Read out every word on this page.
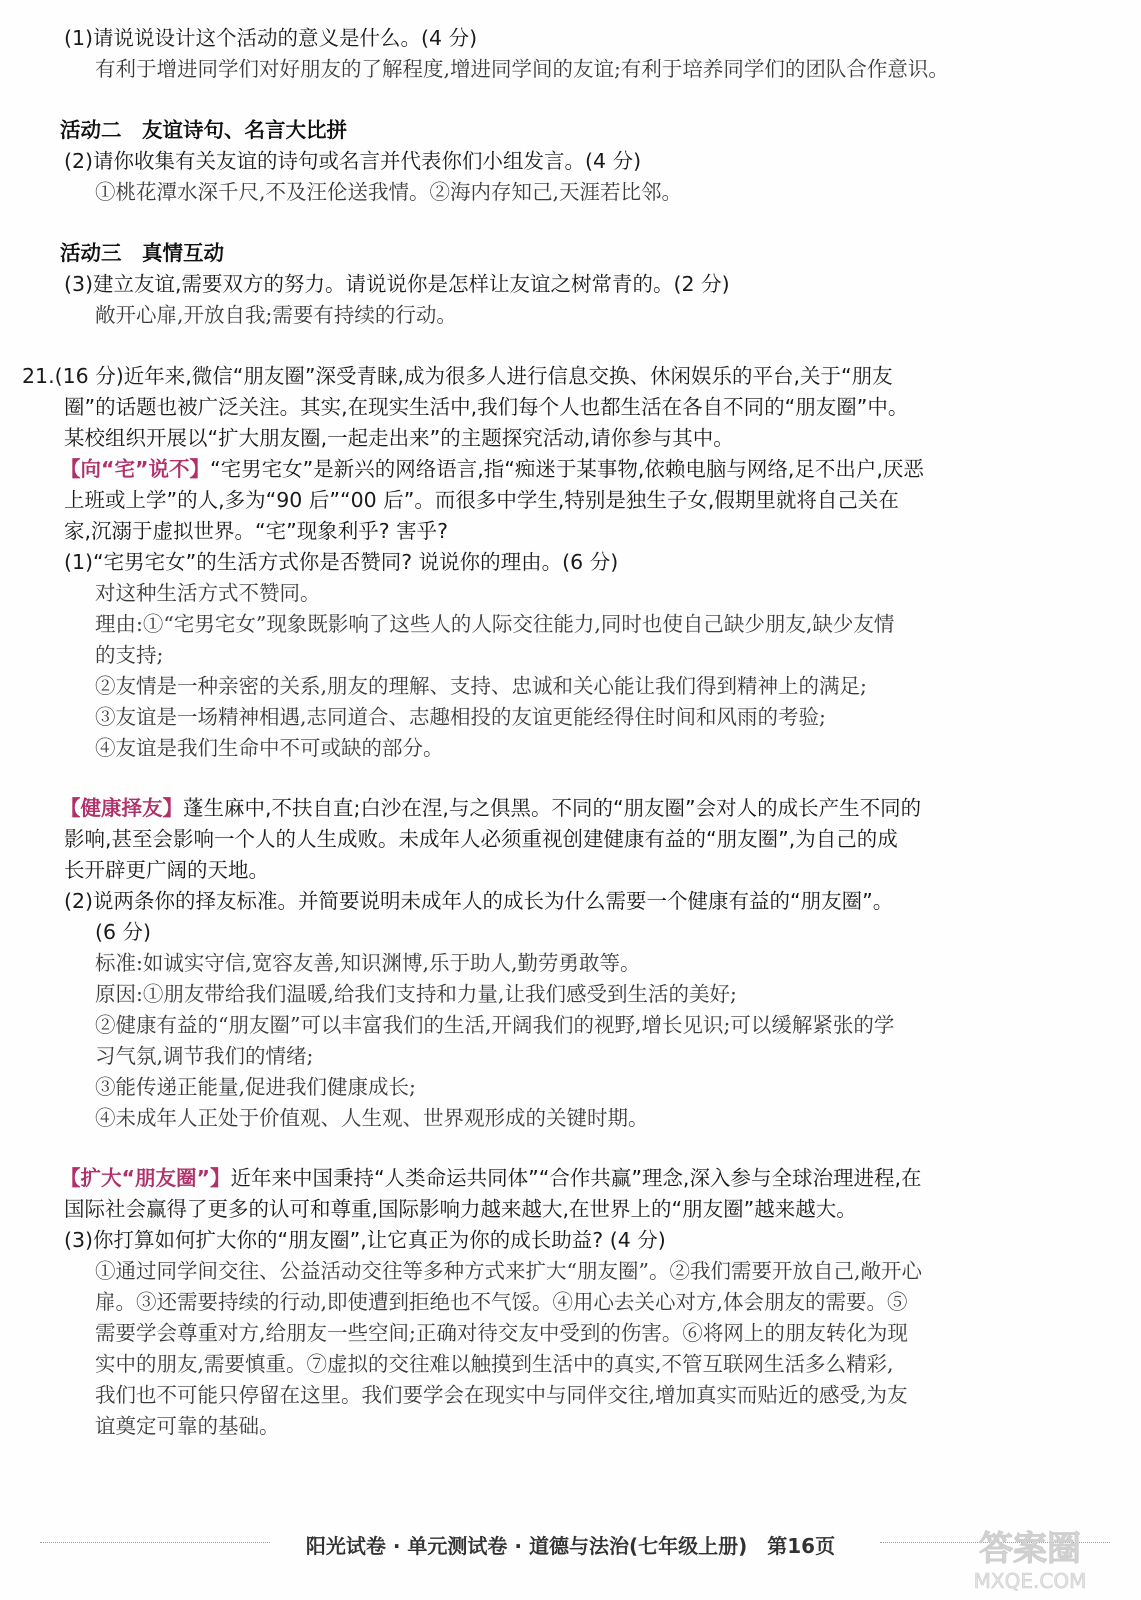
(1)请说说设计这个活动的意义是什么。(4 分)
有利于增进同学们对好朋友的了解程度,增进同学间的友谊;有利于培养同学们的团队合作意识。
活动二　友谊诗句、名言大比拼
(2)请你收集有关友谊的诗句或名言并代表你们小组发言。(4 分)
①桃花潭水深千尺,不及汪伦送我情。②海内存知己,天涯若比邻。
活动三　真情互动
(3)建立友谊,需要双方的努力。请说说你是怎样让友谊之树常青的。(2 分)
敞开心扉,开放自我;需要有持续的行动。
21.(16 分)近年来,微信“朋友圈”深受青睐,成为很多人进行信息交换、休闲娱乐的平台,关于“朋友
圈”的话题也被广泛关注。其实,在现实生活中,我们每个人也都生活在各自不同的“朋友圈”中。
某校组织开展以“扩大朋友圈,一起走出来”的主题探究活动,请你参与其中。
【向“宅”说不】“宅男宅女”是新兴的网络语言,指“痴迷于某事物,依赖电脑与网络,足不出户,厌恶
上班或上学”的人,多为“90 后”“00 后”。而很多中学生,特别是独生子女,假期里就将自己关在
家,沉溺于虚拟世界。“宅”现象利乎? 害乎?
(1)“宅男宅女”的生活方式你是否赞同? 说说你的理由。(6 分)
对这种生活方式不赞同。
理由:①“宅男宅女”现象既影响了这些人的人际交往能力,同时也使自己缺少朋友,缺少友情
的支持;
②友情是一种亲密的关系,朋友的理解、支持、忠诚和关心能让我们得到精神上的满足;
③友谊是一场精神相遇,志同道合、志趣相投的友谊更能经得住时间和风雨的考验;
④友谊是我们生命中不可或缺的部分。
【健康择友】蓬生麻中,不扶自直;白沙在涅,与之俱黑。不同的“朋友圈”会对人的成长产生不同的
影响,甚至会影响一个人的人生成败。未成年人必须重视创建健康有益的“朋友圈”,为自己的成
长开辟更广阔的天地。
(2)说两条你的择友标准。并简要说明未成年人的成长为什么需要一个健康有益的“朋友圈”。
(6 分)
标准:如诚实守信,宽容友善,知识渊博,乐于助人,勤劳勇敢等。
原因:①朋友带给我们温暖,给我们支持和力量,让我们感受到生活的美好;
②健康有益的“朋友圈”可以丰富我们的生活,开阔我们的视野,增长见识;可以缓解紧张的学
习气氛,调节我们的情绪;
③能传递正能量,促进我们健康成长;
④未成年人正处于价值观、人生观、世界观形成的关键时期。
【扩大“朋友圈”】近年来中国秉持“人类命运共同体”“合作共赢”理念,深入参与全球治理进程,在
国际社会赢得了更多的认可和尊重,国际影响力越来越大,在世界上的“朋友圈”越来越大。
(3)你打算如何扩大你的“朋友圈”,让它真正为你的成长助益? (4 分)
①通过同学间交往、公益活动交往等多种方式来扩大“朋友圈”。②我们需要开放自己,敞开心
扉。③还需要持续的行动,即使遭到拒绝也不气馁。④用心去关心对方,体会朋友的需要。⑤
需要学会尊重对方,给朋友一些空间;正确对待交友中受到的伤害。⑥将网上的朋友转化为现
实中的朋友,需要慎重。⑦虚拟的交往难以触摸到生活中的真实,不管互联网生活多么精彩,
我们也不可能只停留在这里。我们要学会在现实中与同伴交往,增加真实而贴近的感受,为友
谊奠定可靠的基础。
阳光试卷 · 单元测试卷 · 道德与法治(七年级上册)　第16页	答案圈
MXQE.COM
